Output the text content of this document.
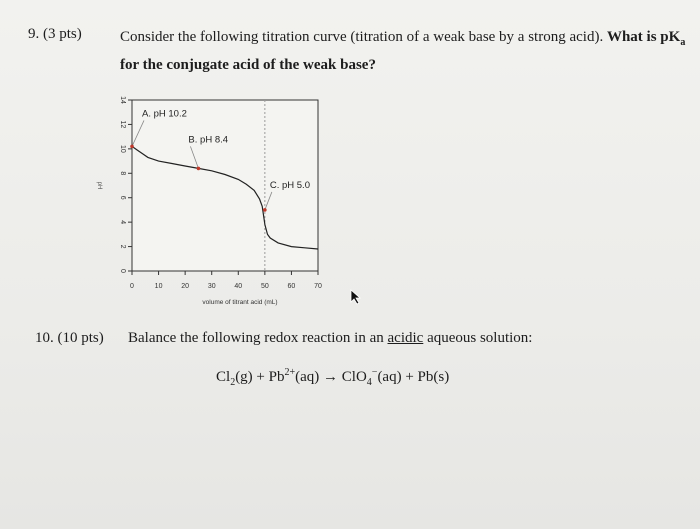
9. (3 pts)	Consider the following titration curve (titration of a weak base by a strong acid). What is $pK_a$ for the conjugate acid of the weak base?
0
2
4
6
8
10
12
14
pH
0	10	20	30	40	50	60	70
volume of titrant acid (mL)
A. pH 10.2
B. pH 8.4
C. pH 5.0
10. (10 pts) Balance the following redox reaction in an acidic aqueous solution:
$Cl_2(g) + Pb^{2+}(aq) \to ClO_4^-(aq) + Pb(s)$
